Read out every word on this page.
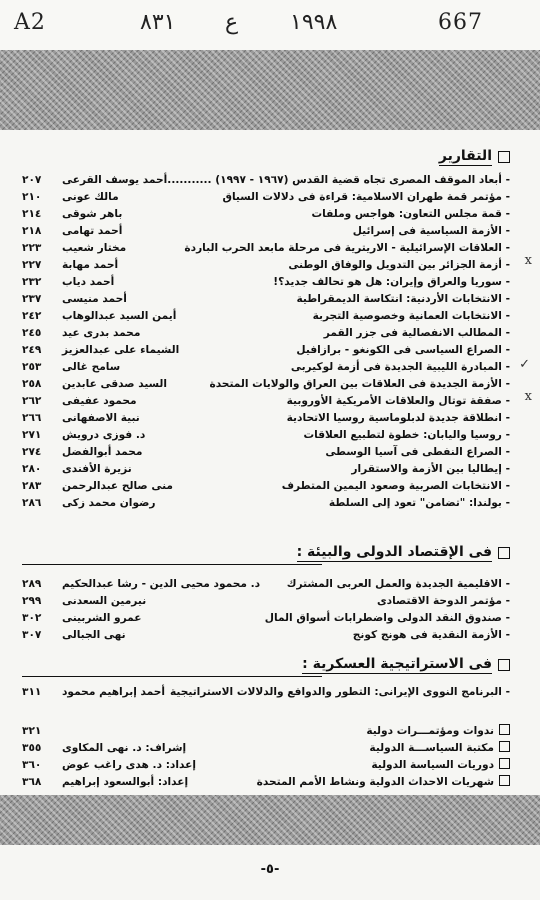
A2	٨٣١ ع ١٩٩٨	667
التقارير
- أبعاد الموقف المصرى تجاه قضية القدس (١٩٦٧ - ١٩٩٧) ...........
أحمد يوسف القرعى
٢٠٧
- مؤتمر قمة طهران الاسلامية: قراءة فى دلالات السياق
مالك عونى
٢١٠
- قمة مجلس التعاون: هواجس وملفات
باهر شوقى
٢١٤
- الأزمة السياسية فى إسرائيل
أحمد تهامى
٢١٨
- العلاقات الإسرائيلية - الاريترية فى مرحلة مابعد الحرب الباردة
مختار شعيب
٢٢٣
- أزمة الجزائر بين التدويل والوفاق الوطنى
أحمد مهابة
٢٢٧
- سوريا والعراق وإيران: هل هو تحالف جديد؟!
أحمد دياب
٢٣٢
- الانتخابات الأردنية: انتكاسة الديمقراطية
أحمد منيسى
٢٣٧
- الانتخابات العمانية وخصوصية التجربة
أيمن السيد عبدالوهاب
٢٤٢
- المطالب الانفصالية فى جزر القمر
محمد بدرى عيد
٢٤٥
- الصراع السياسى فى الكونغو - برازافيل
الشيماء على عبدالعزيز
٢٤٩
- المبادرة الليبية الجديدة فى أزمة لوكيربى
سامح غالى
٢٥٣
- الأزمة الجديدة فى العلاقات بين العراق والولايات المتحدة
السيد صدقى عابدين
٢٥٨
- صفقة توتال والعلاقات الأمريكية الأوروبية
محمود عفيفى
٢٦٢
- انطلاقة جديدة لدبلوماسية روسيا الاتحادية
نبية الاصفهانى
٢٦٦
- روسيا واليابان: خطوة لتطبيع العلاقات
د. فوزى درويش
٢٧١
- الصراع النفطى فى آسيا الوسطى
محمد أبوالفضل
٢٧٤
- إيطاليا بين الأزمة والاستقرار
نزيرة الأفندى
٢٨٠
- الانتخابات الصربية وصعود اليمين المتطرف
منى صالح عبدالرحمن
٢٨٣
- بولندا: "تضامن" تعود إلى السلطة
رضوان محمد زكى
٢٨٦
فى الإقتصاد الدولى والبيئة :
- الاقليمية الجديدة والعمل العربى المشترك
د. محمود محيى الدين - رشا عبدالحكيم
٢٨٩
- مؤتمر الدوحة الاقتصادى
نيرمين السعدنى
٢٩٩
- صندوق النقد الدولى واضطرابات أسواق المال
عمرو الشربينى
٣٠٢
- الأزمة النقدية فى هونج كونج
نهى الجبالى
٣٠٧
فى الاستراتيجية العسكرية :
- البرنامج النووى الإيرانى: التطور والدوافع والدلالات الاستراتيجية
أحمد إبراهيم محمود
٣١١
ندوات ومؤتمـــرات دولية
٣٢١
مكتبة السياســـة الدولية
إشراف: د. نهى المكاوى
٣٥٥
دوريات السياسة الدولية
إعداد: د. هدى راغب عوض
٣٦٠
شهريات الاحداث الدولية ونشاط الأمم المتحدة
إعداد: أبوالسعود إبراهيم
٣٦٨
x
✓
x
-٥-
